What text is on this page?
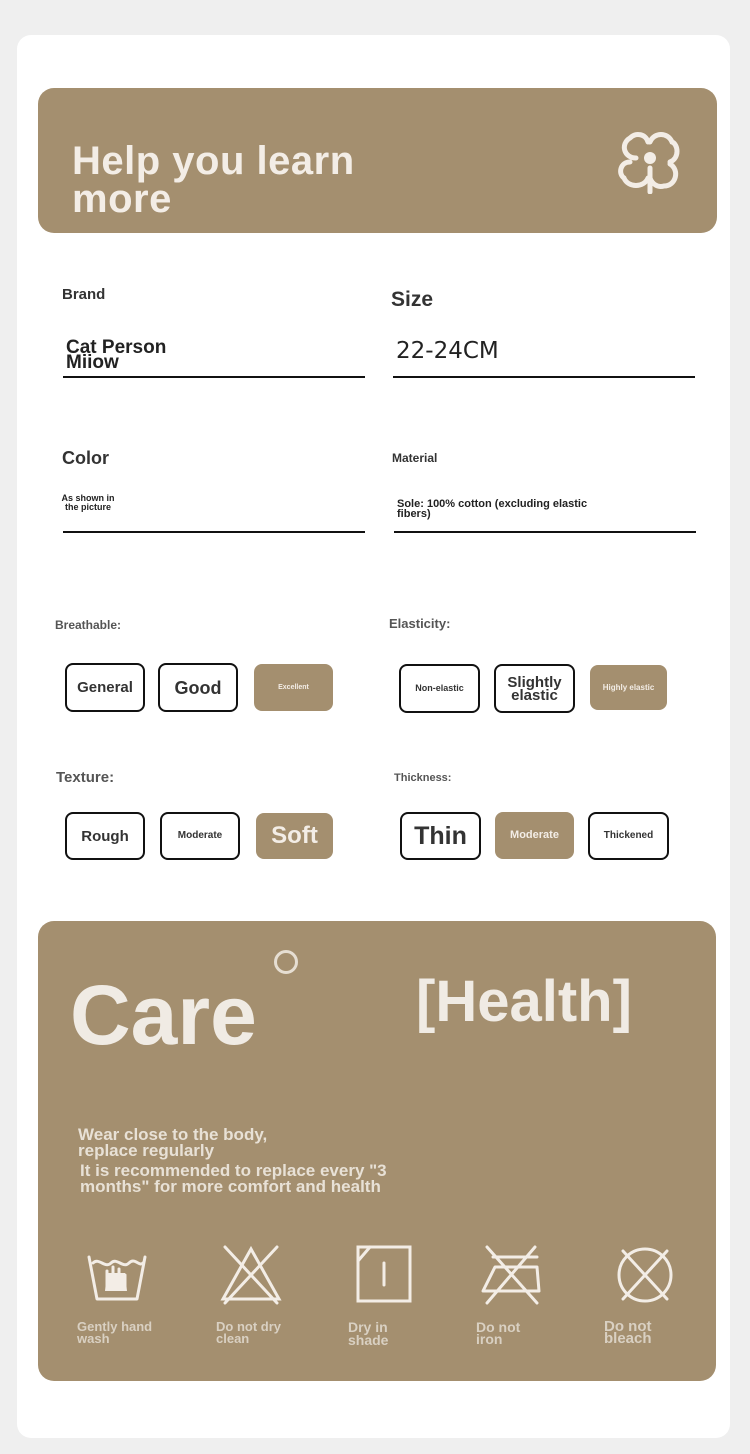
Help you learn more
Brand
Cat Person Miiow
Size
22-24CM
Color
As shown in the picture
Material
Sole: 100% cotton (excluding elastic fibers)
Breathable:
General	Good	Excellent
Elasticity:
Non-elastic	Slightly elastic	Highly elastic
Texture:
Rough	Moderate	Soft
Thickness:
Thin	Moderate	Thickened
Care	[Health]
Wear close to the body, replace regularly
It is recommended to replace every "3 months" for more comfort and health
Gently hand wash
Do not dry clean
Dry in shade
Do not iron
Do not bleach
